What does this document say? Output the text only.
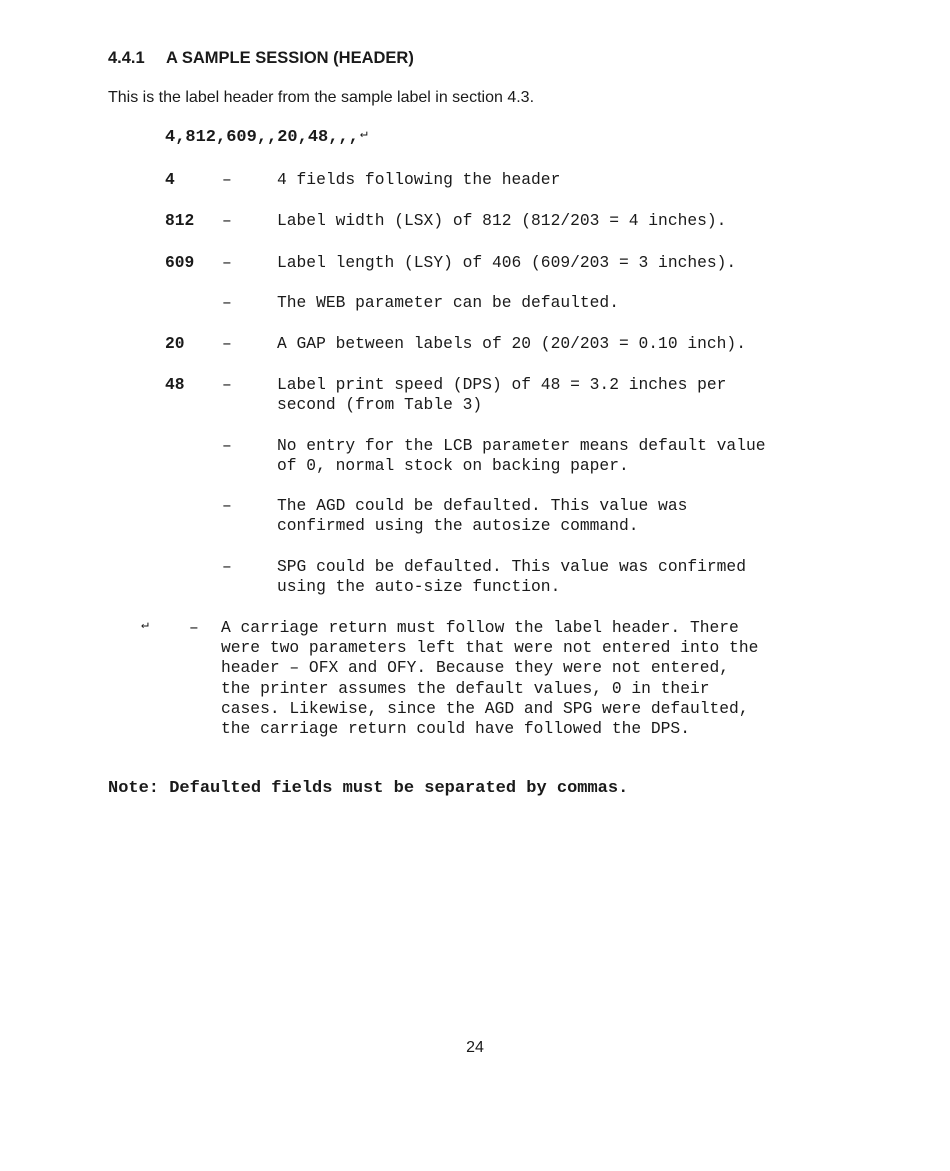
4.4.1 A SAMPLE SESSION (HEADER)

This is the label header from the sample label in section 4.3.

4,812,609,,20,48,,,↵
4	–	4 fields following the header
812 –	Label width (LSX) of 812 (812/203 = 4 inches).
609 –	Label length (LSY) of 406 (609/203 = 3 inches).
–	The WEB parameter can be defaulted.
20 –	A GAP between labels of 20 (20/203 = 0.10 inch).
48 –	Label print speed (DPS) of 48 = 3.2 inches per
second (from Table 3)
–	No entry for the LCB parameter means default value
of 0, normal stock on backing paper.
–	The AGD could be defaulted. This value was
confirmed using the autosize command.
–	SPG could be defaulted. This value was confirmed
using the auto-size function.
↵ – A carriage return must follow the label header. There
were two parameters left that were not entered into the
header – OFX and OFY. Because they were not entered,
the printer assumes the default values, 0 in their
cases. Likewise, since the AGD and SPG were defaulted,
the carriage return could have followed the DPS.
Note: Defaulted fields must be separated by commas.
24
